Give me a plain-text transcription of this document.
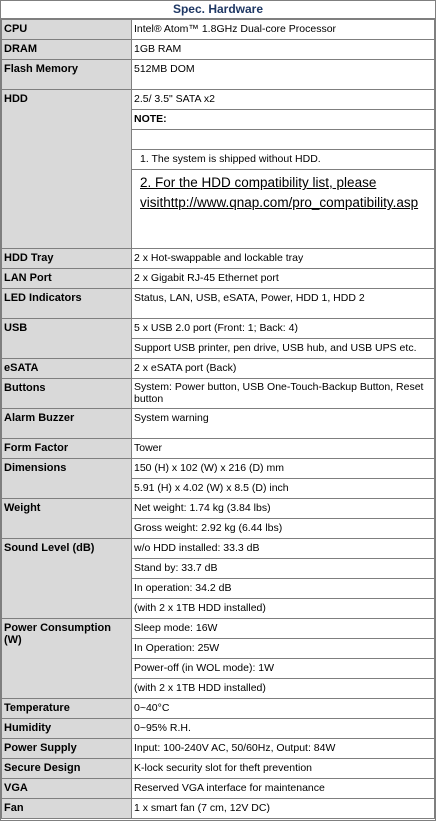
Spec. Hardware
CPU	Intel® Atom™ 1.8GHz Dual-core Processor
DRAM	1GB RAM
Flash Memory	512MB DOM
HDD	2.5/ 3.5" SATA x2
	NOTE:

	1. The system is shipped without HDD.
	2. For the HDD compatibility list, please visithttp://www.qnap.com/pro_compatibility.asp
HDD Tray	2 x Hot-swappable and lockable tray
LAN Port	2 x Gigabit RJ-45 Ethernet port
LED Indicators	Status, LAN, USB, eSATA, Power, HDD 1, HDD 2
USB	5 x USB 2.0 port (Front: 1; Back: 4)
	Support USB printer, pen drive, USB hub, and USB UPS etc.
eSATA	2 x eSATA port (Back)
Buttons	System: Power button, USB One-Touch-Backup Button, Reset button
Alarm Buzzer	System warning
Form Factor	Tower
Dimensions	150 (H) x 102 (W) x 216 (D) mm
	5.91 (H) x 4.02 (W) x 8.5 (D) inch
Weight	Net weight: 1.74 kg (3.84 lbs)
	Gross weight: 2.92 kg (6.44 lbs)
Sound Level (dB)	w/o HDD installed: 33.3 dB
	Stand by: 33.7 dB
	In operation: 34.2 dB
	(with 2 x 1TB HDD installed)
Power Consumption (W)	Sleep mode: 16W
	In Operation: 25W
	Power-off (in WOL mode): 1W
	(with 2 x 1TB HDD installed)
Temperature	0~40°C
Humidity	0~95% R.H.
Power Supply	Input: 100-240V AC, 50/60Hz, Output: 84W
Secure Design	K-lock security slot for theft prevention
VGA	Reserved VGA interface for maintenance
Fan	1 x smart fan (7 cm, 12V DC)
